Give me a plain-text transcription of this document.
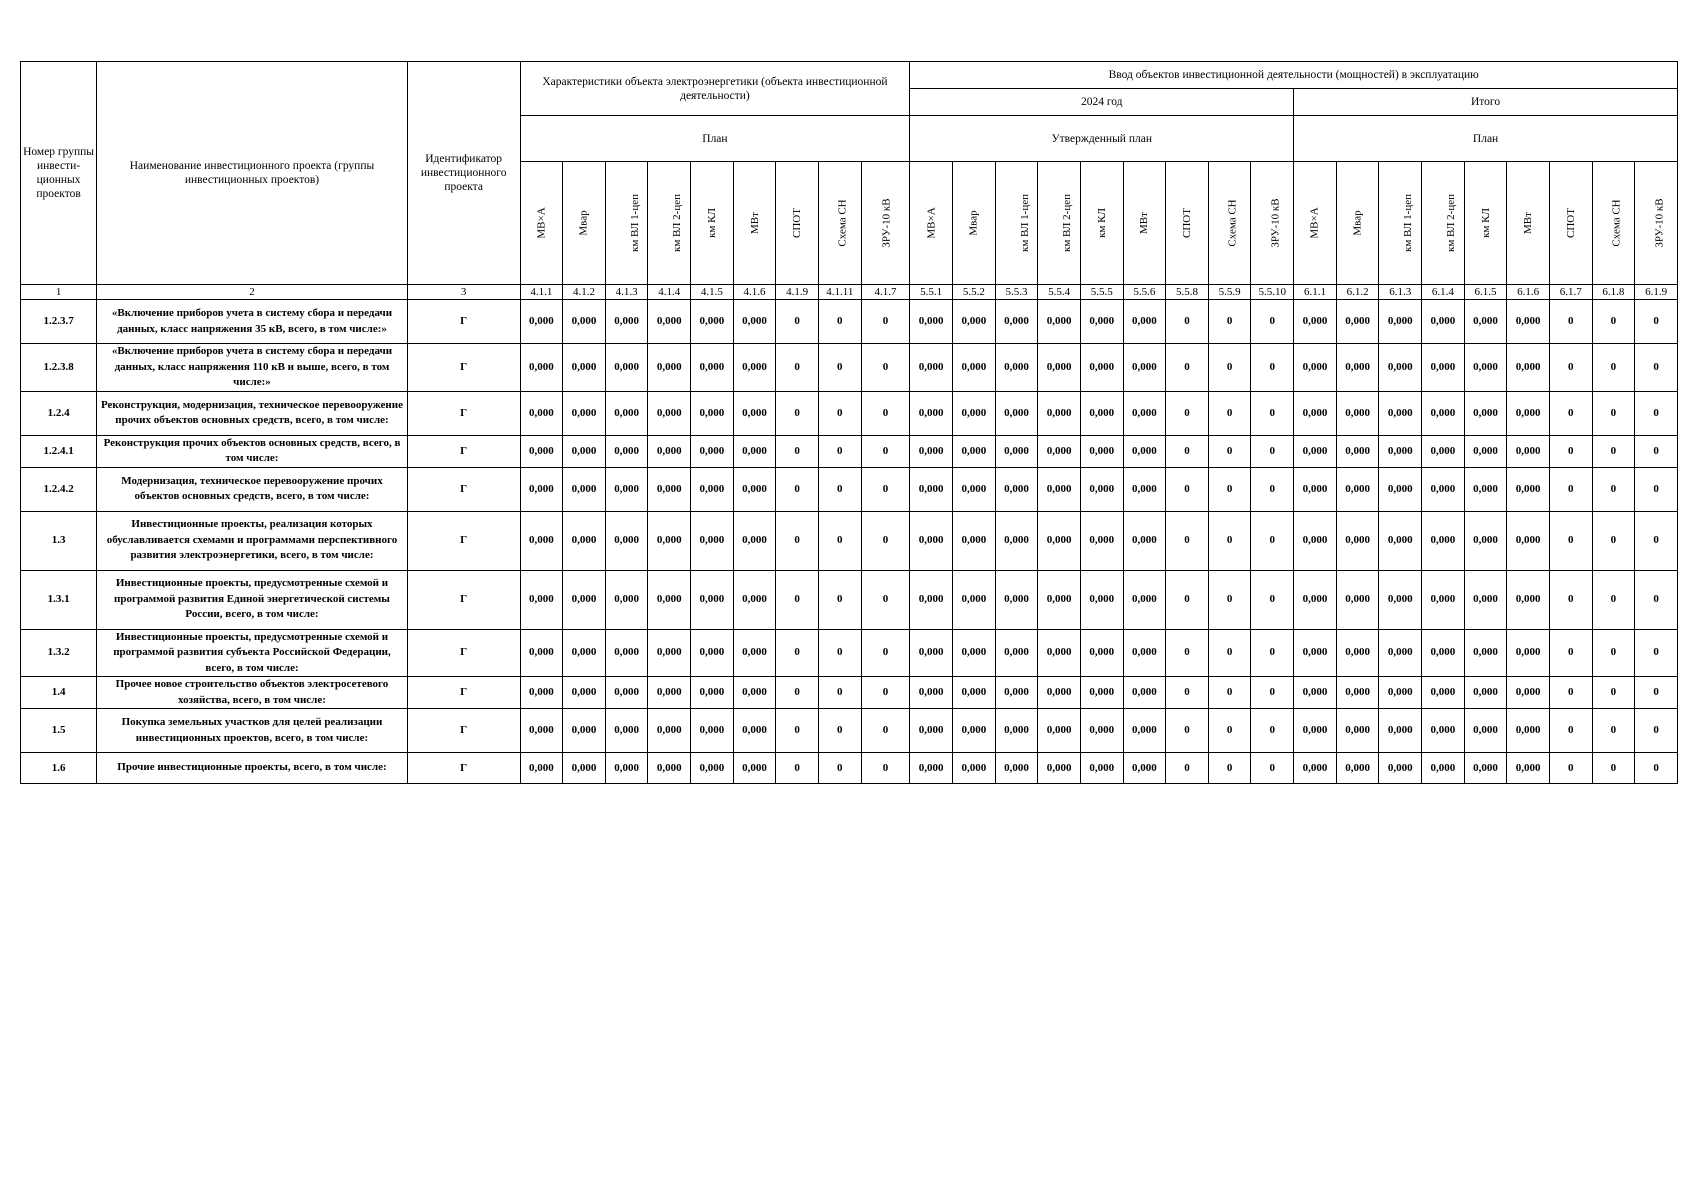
Номер группы инвести-ционных проектов	Наименование инвестиционного проекта (группы инвестиционных проектов)	Идентификатор инвестиционного проекта	Характеристики объекта электроэнергетики (объекта инвестиционной деятельности)									Ввод объектов инвестиционной деятельности (мощностей) в эксплуатацию																	
												2024 год									Итого								
			План									Утвержденный план									План								
			МВ×А	Мвар	км ВЛ 1-цеп	км ВЛ 2-цеп	км КЛ	МВт	СПОТ	Схема СН	ЗРУ-10 кВ	МВ×А	Мвар	км ВЛ 1-цеп	км ВЛ 2-цеп	км КЛ	МВт	СПОТ	Схема СН	ЗРУ-10 кВ	МВ×А	Мвар	км ВЛ 1-цеп	км ВЛ 2-цеп	км КЛ	МВт	СПОТ	Схема СН	ЗРУ-10 кВ
1	2	3	4.1.1	4.1.2	4.1.3	4.1.4	4.1.5	4.1.6	4.1.9	4.1.11	4.1.7	5.5.1	5.5.2	5.5.3	5.5.4	5.5.5	5.5.6	5.5.8	5.5.9	5.5.10	6.1.1	6.1.2	6.1.3	6.1.4	6.1.5	6.1.6	6.1.7	6.1.8	6.1.9
1.2.3.7	«Включение приборов учета в систему сбора и передачи данных, класс напряжения 35 кВ, всего, в том числе:»	Г	0,000	0,000	0,000	0,000	0,000	0,000	0	0	0	0,000	0,000	0,000	0,000	0,000	0,000	0	0	0	0,000	0,000	0,000	0,000	0,000	0,000	0	0	0
1.2.3.8	«Включение приборов учета в систему сбора и передачи данных, класс напряжения 110 кВ и выше, всего, в том числе:»	Г	0,000	0,000	0,000	0,000	0,000	0,000	0	0	0	0,000	0,000	0,000	0,000	0,000	0,000	0	0	0	0,000	0,000	0,000	0,000	0,000	0,000	0	0	0
1.2.4	Реконструкция, модернизация, техническое перевооружение прочих объектов основных средств, всего, в том числе:	Г	0,000	0,000	0,000	0,000	0,000	0,000	0	0	0	0,000	0,000	0,000	0,000	0,000	0,000	0	0	0	0,000	0,000	0,000	0,000	0,000	0,000	0	0	0
1.2.4.1	Реконструкция прочих объектов основных средств, всего, в том числе:	Г	0,000	0,000	0,000	0,000	0,000	0,000	0	0	0	0,000	0,000	0,000	0,000	0,000	0,000	0	0	0	0,000	0,000	0,000	0,000	0,000	0,000	0	0	0
1.2.4.2	Модернизация, техническое перевооружение прочих объектов основных средств, всего, в том числе:	Г	0,000	0,000	0,000	0,000	0,000	0,000	0	0	0	0,000	0,000	0,000	0,000	0,000	0,000	0	0	0	0,000	0,000	0,000	0,000	0,000	0,000	0	0	0
1.3	Инвестиционные проекты, реализация которых обуславливается схемами и программами перспективного развития электроэнергетики, всего, в том числе:	Г	0,000	0,000	0,000	0,000	0,000	0,000	0	0	0	0,000	0,000	0,000	0,000	0,000	0,000	0	0	0	0,000	0,000	0,000	0,000	0,000	0,000	0	0	0
1.3.1	Инвестиционные проекты, предусмотренные схемой и программой развития Единой энергетической системы России, всего, в том числе:	Г	0,000	0,000	0,000	0,000	0,000	0,000	0	0	0	0,000	0,000	0,000	0,000	0,000	0,000	0	0	0	0,000	0,000	0,000	0,000	0,000	0,000	0	0	0
1.3.2	Инвестиционные проекты, предусмотренные схемой и программой развития субъекта Российской Федерации, всего, в том числе:	Г	0,000	0,000	0,000	0,000	0,000	0,000	0	0	0	0,000	0,000	0,000	0,000	0,000	0,000	0	0	0	0,000	0,000	0,000	0,000	0,000	0,000	0	0	0
1.4	Прочее новое строительство объектов электросетевого хозяйства, всего, в том числе:	Г	0,000	0,000	0,000	0,000	0,000	0,000	0	0	0	0,000	0,000	0,000	0,000	0,000	0,000	0	0	0	0,000	0,000	0,000	0,000	0,000	0,000	0	0	0
1.5	Покупка земельных участков для целей реализации инвестиционных проектов, всего, в том числе:	Г	0,000	0,000	0,000	0,000	0,000	0,000	0	0	0	0,000	0,000	0,000	0,000	0,000	0,000	0	0	0	0,000	0,000	0,000	0,000	0,000	0,000	0	0	0
1.6	Прочие инвестиционные проекты, всего, в том числе:	Г	0,000	0,000	0,000	0,000	0,000	0,000	0	0	0	0,000	0,000	0,000	0,000	0,000	0,000	0	0	0	0,000	0,000	0,000	0,000	0,000	0,000	0	0	0
